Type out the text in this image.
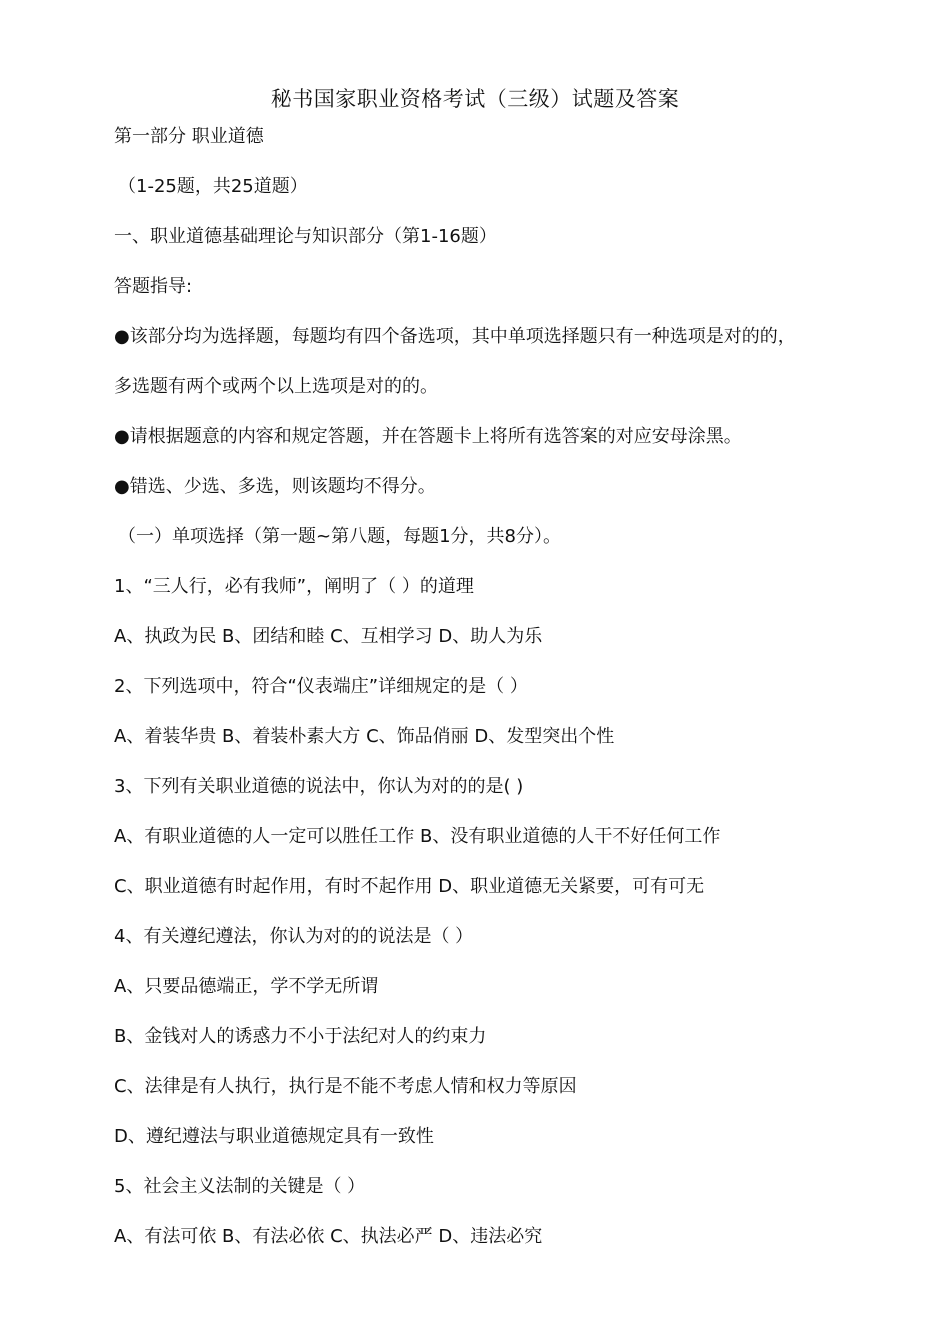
秘书国家职业资格考试（三级）试题及答案
第一部分 职业道德
（1-25题，共25道题）
一、职业道德基础理论与知识部分（第1-16题）
答题指导:
●该部分均为选择题，每题均有四个备选项，其中单项选择题只有一种选项是对的的，
多选题有两个或两个以上选项是对的的。
●请根据题意的内容和规定答题，并在答题卡上将所有选答案的对应安母涂黑。
●错选、少选、多选，则该题均不得分。
（一）单项选择（第一题~第八题，每题1分，共8分）。
1、“三人行，必有我师”，阐明了（ ）的道理
A、执政为民 B、团结和睦 C、互相学习 D、助人为乐
2、下列选项中，符合“仪表端庄”详细规定的是（ ）
A、着装华贵 B、着装朴素大方 C、饰品俏丽 D、发型突出个性
3、下列有关职业道德的说法中，你认为对的的是( )
A、有职业道德的人一定可以胜任工作 B、没有职业道德的人干不好任何工作
C、职业道德有时起作用，有时不起作用 D、职业道德无关紧要，可有可无
4、有关遵纪遵法，你认为对的的说法是（ ）
A、只要品德端正，学不学无所谓
B、金钱对人的诱惑力不小于法纪对人的约束力
C、法律是有人执行，执行是不能不考虑人情和权力等原因
D、遵纪遵法与职业道德规定具有一致性
5、社会主义法制的关键是（ ）
A、有法可依 B、有法必依 C、执法必严 D、违法必究
